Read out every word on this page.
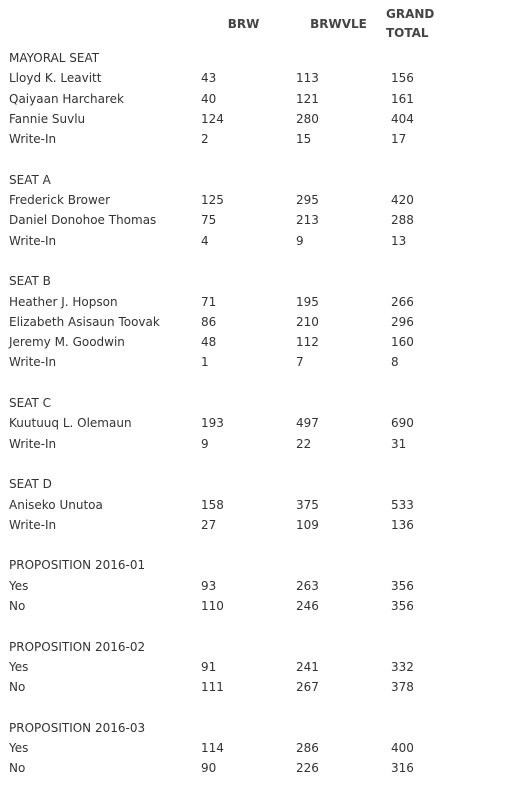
	BRW	BRWVLE	GRAND
TOTAL
MAYORAL SEAT			
Lloyd K. Leavitt	43	113	156
Qaiyaan Harcharek	40	121	161
Fannie Suvlu	124	280	404
Write-In	2	15	17

SEAT A			
Frederick Brower	125	295	420
Daniel Donohoe Thomas	75	213	288
Write-In	4	9	13

SEAT B			
Heather J. Hopson	71	195	266
Elizabeth Asisaun Toovak	86	210	296
Jeremy M. Goodwin	48	112	160
Write-In	1	7	8

SEAT C			
Kuutuuq L. Olemaun	193	497	690
Write-In	9	22	31

SEAT D			
Aniseko Unutoa	158	375	533
Write-In	27	109	136

PROPOSITION 2016-01			
Yes	93	263	356
No	110	246	356

PROPOSITION 2016-02			
Yes	91	241	332
No	111	267	378

PROPOSITION 2016-03			
Yes	114	286	400
No	90	226	316
